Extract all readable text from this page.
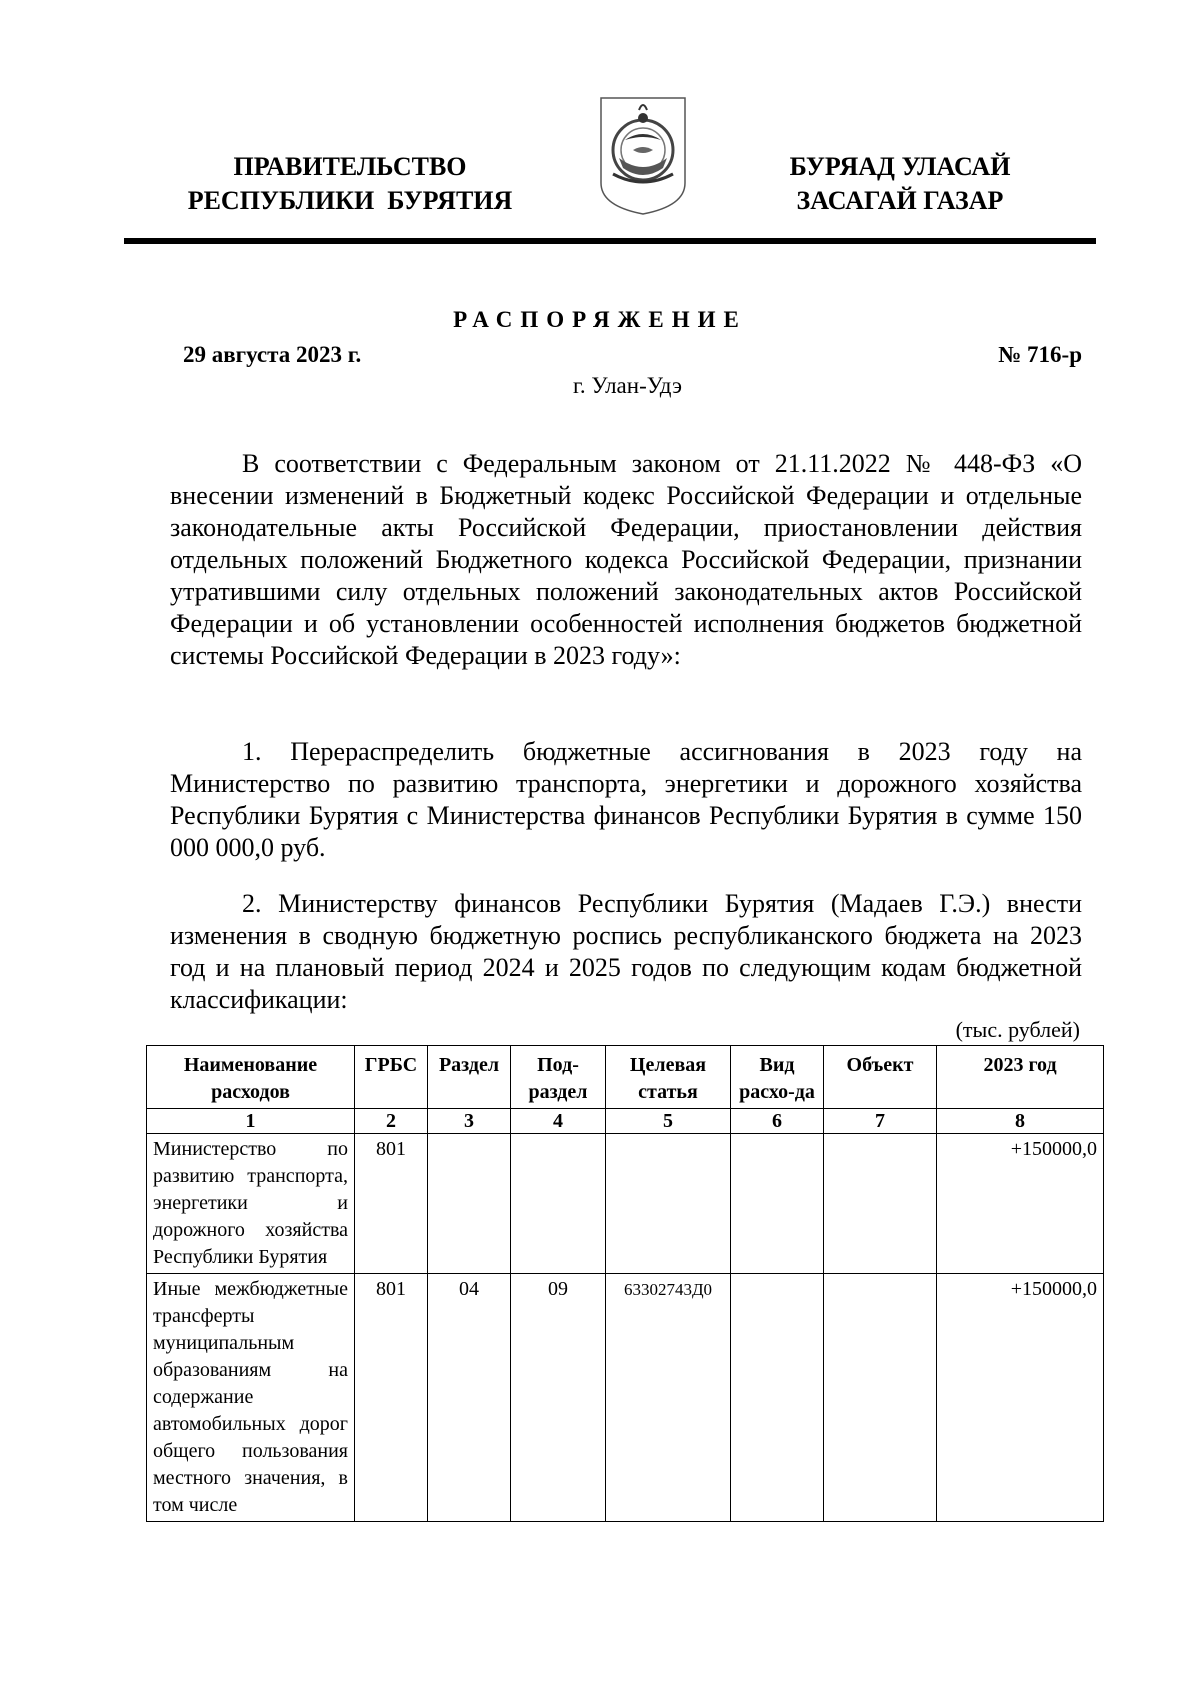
ПРАВИТЕЛЬСТВО
РЕСПУБЛИКИ  БУРЯТИЯ
БУРЯАД УЛАСАЙ
ЗАСАГАЙ ГАЗАР
РАСПОРЯЖЕНИЕ
29 августа 2023 г.	№ 716-р
г. Улан-Удэ
В соответствии с Федеральным законом от 21.11.2022 № 448-ФЗ «О внесении изменений в Бюджетный кодекс Российской Федерации и отдельные законодательные акты Российской Федерации, приостановлении действия отдельных положений Бюджетного кодекса Российской Федерации, признании утратившими силу отдельных положений законодательных актов Российской Федерации и об установлении особенностей исполнения бюджетов бюджетной системы Российской Федерации в 2023 году»:
1. Перераспределить бюджетные ассигнования в 2023 году на Министерство по развитию транспорта, энергетики и дорожного хозяйства Республики Бурятия с Министерства финансов Республики Бурятия в сумме 150 000 000,0 руб.
2. Министерству финансов Республики Бурятия (Мадаев Г.Э.) внести изменения в сводную бюджетную роспись республиканского бюджета на 2023 год и на плановый период 2024 и 2025 годов по следующим кодам бюджетной классификации:
(тыс. рублей)
Наименование расходов	ГРБС	Раздел	Под-раздел	Целевая статья	Вид расхо-да	Объект	2023 год
1	2	3	4	5	6	7	8
Министерство по развитию транспорта, энергетики и дорожного хозяйства Республики Бурятия	801						+150000,0
Иные межбюджетные трансферты муниципальным образованиям на содержание автомобильных дорог общего пользования местного значения, в том числе	801	04	09	63302743Д0			+150000,0
